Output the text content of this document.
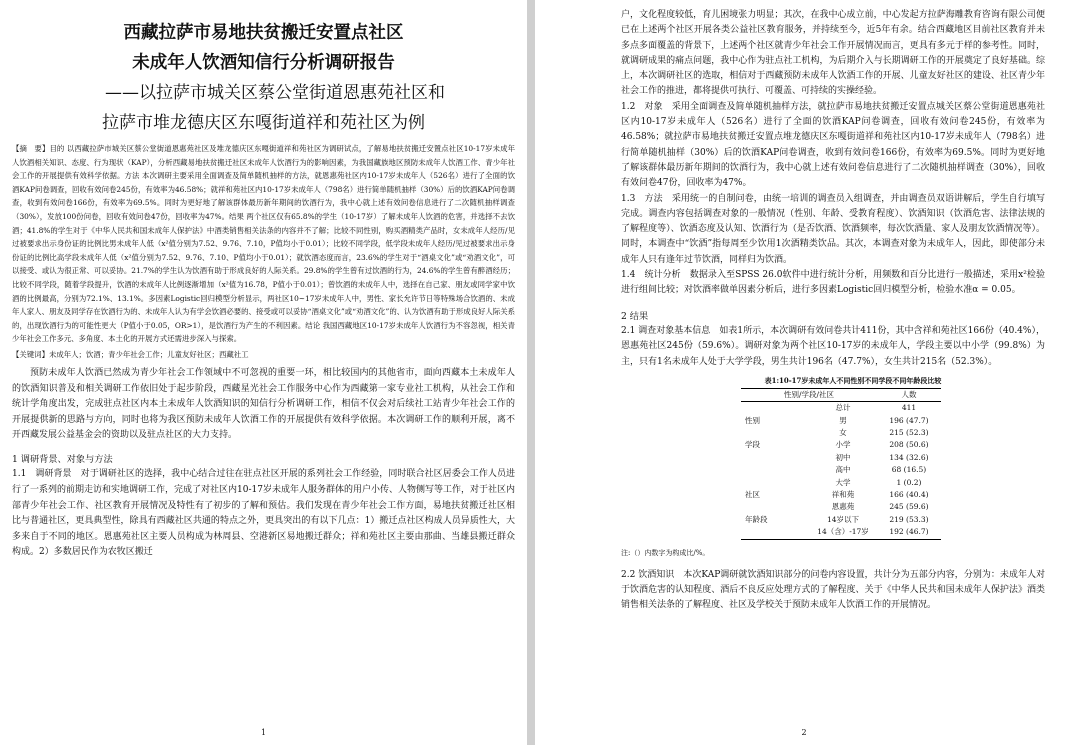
西藏拉萨市易地扶贫搬迁安置点社区

未成年人饮酒知信行分析调研报告

——以拉萨市城关区蔡公堂街道恩惠苑社区和

拉萨市堆龙德庆区东嘎街道祥和苑社区为例

【摘　要】目的 以西藏拉萨市城关区蔡公堂街道恩惠苑社区及堆龙德庆区东嘎街道祥和苑社区为调研试点，了解易地扶贫搬迁安置点社区10-17岁未成年人饮酒相关知识、态度、行为现状（KAP），分析西藏易地扶贫搬迁社区未成年人饮酒行为的影响因素，为我国藏族地区预防未成年人饮酒工作、青少年社会工作的开展提供有效科学依据。方法 本次调研主要采用全面调查及简单随机抽样的方法，就恩惠苑社区内10-17岁未成年人（526名）进行了全面的饮酒KAP问卷调查，回收有效问卷245份，有效率为46.58%；就祥和苑社区内10-17岁未成年人（798名）进行简单随机抽样（30%）后的饮酒KAP问卷调查，收到有效问卷166份，有效率为69.5%。同时为更好地了解该群体最历新年期间的饮酒行为，我中心就上述有效问卷信息进行了二次随机抽样调查（30%），发放100份问卷，回收有效问卷47份，回收率为47%。结果 两个社区仅有65.8%的学生（10-17岁）了解未成年人饮酒的危害，并选择不去饮酒；41.8%的学生对于《中华人民共和国未成年人保护法》中酒类销售相关法条的内容并不了解；比较不同性别，购买酒精类产品时，女未成年人经历/见过被要求出示身份证的比例比男未成年人低（x²值分别为7.52、9.76、7.10，P值均小于0.01）；比较不同学段，低学段未成年人经历/见过被要求出示身份证的比例比高学段未成年人低（x²值分别为7.52、9.76、7.10、P值均小于0.01）；就饮酒态度而言，23.6%的学生对于“酒桌文化”或“劝酒文化”，可以接受、或认为很正常、可以妥协。21.7%的学生认为饮酒有助于形成良好的人际关系。29.8%的学生曾有过饮酒的行为，24.6%的学生曾有醉酒经历；比较不同学段，随着学段提升，饮酒的未成年人比例逐渐增加（x²值为16.78，P值小于0.01）；曾饮酒的未成年人中，选择在自己家、朋友或同学家中饮酒的比例最高，分别为72.1%、13.1%。多因素Logistic回归模型分析显示，两社区10~17岁未成年人中，男性、家长允许节日等特殊场合饮酒的、未成年人家人、朋友及同学存在饮酒行为的、未成年人认为有学会饮酒必要的、接受或可以妥协“酒桌文化”或“劝酒文化”的、认为饮酒有助于形成良好人际关系的，出现饮酒行为的可能性更大（P值小于0.05，OR>1），是饮酒行为产生的不利因素。结论 我国西藏地区10-17岁未成年人饮酒行为不容忽视，相关青少年社会工作多元、多角度、本土化的开展方式还需进步深入与探索。

【关键词】未成年人；饮酒；青少年社会工作；儿童友好社区；西藏社工

预防未成年人饮酒已然成为青少年社会工作领域中不可忽视的重要一环，相比较国内的其他省市，面向西藏本土未成年人的饮酒知识普及和相关调研工作依旧处于起步阶段，西藏星光社会工作服务中心作为西藏第一家专业社工机构，从社会工作和统计学角度出发，完成驻点社区内本土未成年人饮酒知识的知信行分析调研工作，相信不仅会对后续社工站青少年社会工作的开展提供新的思路与方向，同时也将为我区预防未成年人饮酒工作的开展提供有效科学依据。本次调研工作的顺利开展，离不开西藏发展公益基金会的资助以及驻点社区的大力支持。

1 调研背景、对象与方法

1.1　调研背景　对于调研社区的选择，我中心结合过往在驻点社区开展的系列社会工作经验，同时联合社区居委会工作人员进行了一系列的前期走访和实地调研工作，完成了对社区内10-17岁未成年人服务群体的用户小传、人物侧写等工作，对于社区内部青少年社会工作、社区教育开展情况及特性有了初步的了解和预估。我们发现在青少年社会工作方面，易地扶贫搬迁社区相比与普通社区，更具典型性，除具有西藏社区共通的特点之外，更具突出的有以下几点：1）搬迁点社区构成人员异质性大，大多来自于不同的地区。恩惠苑社区主要人员构成为林周县、空港新区易地搬迁群众；祥和苑社区主要由那曲、当雄县搬迁群众构成。2）多数居民作为农牧区搬迁

1

户，文化程度较低，育儿困境张力明显；其次，在我中心成立前，中心发起方拉萨海雕教育咨询有限公司便已在上述两个社区开展各类公益社区教育服务，并持续至今，近5年有余。结合西藏地区目前社区教育并未多点多面覆盖的背景下，上述两个社区就青少年社会工作开展情况而言，更具有多元于样的参考性。同时，就调研成果的痛点问题，我中心作为驻点社工机构，为后期介入与长期调研工作的开展奠定了良好基础。综上，本次调研社区的选取，相信对于西藏预防未成年人饮酒工作的开展、儿童友好社区的建设、社区青少年社会工作的推进，都将提供可执行、可覆盖、可持续的实操经验。

1.2　对象　采用全面调查及简单随机抽样方法，就拉萨市易地扶贫搬迁安置点城关区蔡公堂街道恩惠苑社区内10-17岁未成年人（526名）进行了全面的饮酒KAP问卷调查，回收有效问卷245份，有效率为46.58%；就拉萨市易地扶贫搬迁安置点堆龙德庆区东嘎街道祥和苑社区内10-17岁未成年人（798名）进行简单随机抽样（30%）后的饮酒KAP问卷调查，收到有效问卷166份，有效率为69.5%。同时为更好地了解该群体最历新年期间的饮酒行为，我中心就上述有效问卷信息进行了二次随机抽样调查（30%），回收有效问卷47份，回收率为47%。

1.3　方法　采用统一的自制问卷，由统一培训的调查员入组调查，并由调查员双语讲解后，学生自行填写完成。调查内容包括调查对象的一般情况（性别、年龄、受教育程度）、饮酒知识（饮酒危害、法律法规的了解程度等）、饮酒态度及认知、饮酒行为（是否饮酒、饮酒频率，每次饮酒量、家人及朋友饮酒情况等）。同时，本调查中“饮酒”指每周至少饮用1次酒精类饮品。其次，本调查对象为未成年人，因此，即使部分未成年人只有逢年过节饮酒，同样归为饮酒。

1.4　统计分析　数据录入至SPSS 26.0软件中进行统计分析，用频数和百分比进行一般描述，采用x²检验进行组间比较；对饮酒率做单因素分析后，进行多因素Logistic回归模型分析，检验水准α = 0.05。

2 结果

2.1 调查对象基本信息　如表1所示，本次调研有效问卷共计411份，其中含祥和苑社区166份（40.4%），恩惠苑社区245份（59.6%）。调研对象为两个社区10-17岁的未成年人，学段主要以中小学（99.8%）为主，只有1名未成年人处于大学学段，男生共计196名（47.7%），女生共计215名（52.3%）。

表1:10-17岁未成年人不同性别不同学段不同年龄段比较
性别/学段/社区		人数
	总计	411
性别	男	196 (47.7)
	女	215 (52.3)
学段	小学	208 (50.6)
	初中	134 (32.6)
	高中	68 (16.5)
	大学	1 (0.2)
社区	祥和苑	166 (40.4)
	恩惠苑	245 (59.6)
年龄段	14岁以下	219 (53.3)
	14（含）-17岁	192 (46.7)
注:（）内数字为构成比/%。

2.2 饮酒知识　本次KAP调研就饮酒知识部分的问卷内容设置，共计分为五部分内容，分别为：未成年人对于饮酒危害的认知程度、酒后不良反应处理方式的了解程度、关于《中华人民共和国未成年人保护法》酒类销售相关法条的了解程度、社区及学校关于预防未成年人饮酒工作的开展情况。

2
